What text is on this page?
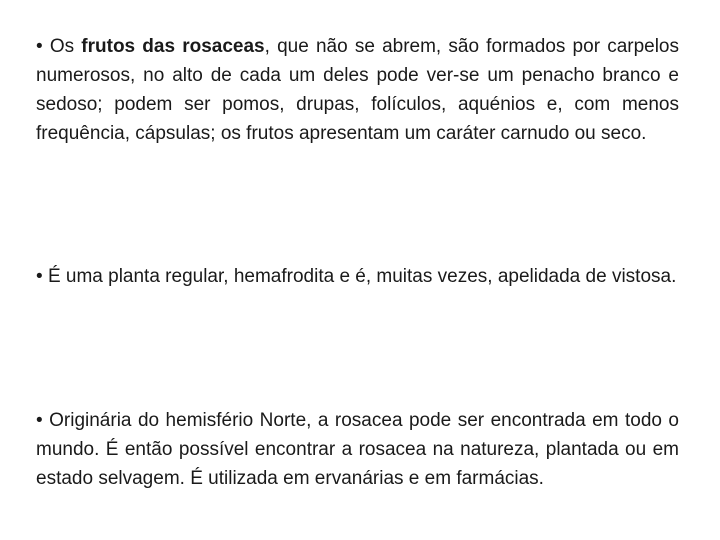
• Os frutos das rosaceas, que não se abrem, são formados por carpelos numerosos, no alto de cada um deles pode ver-se um penacho branco e sedoso; podem ser pomos, drupas, folículos, aquénios e, com menos frequência, cápsulas; os frutos apresentam um caráter carnudo ou seco.

• É uma planta regular, hemafrodita e é, muitas vezes, apelidada de vistosa.

• Originária do hemisfério Norte, a rosacea pode ser encontrada em todo o mundo. É então possível encontrar a rosacea na natureza, plantada ou em estado selvagem. É utilizada em ervanárias e em farmácias.
